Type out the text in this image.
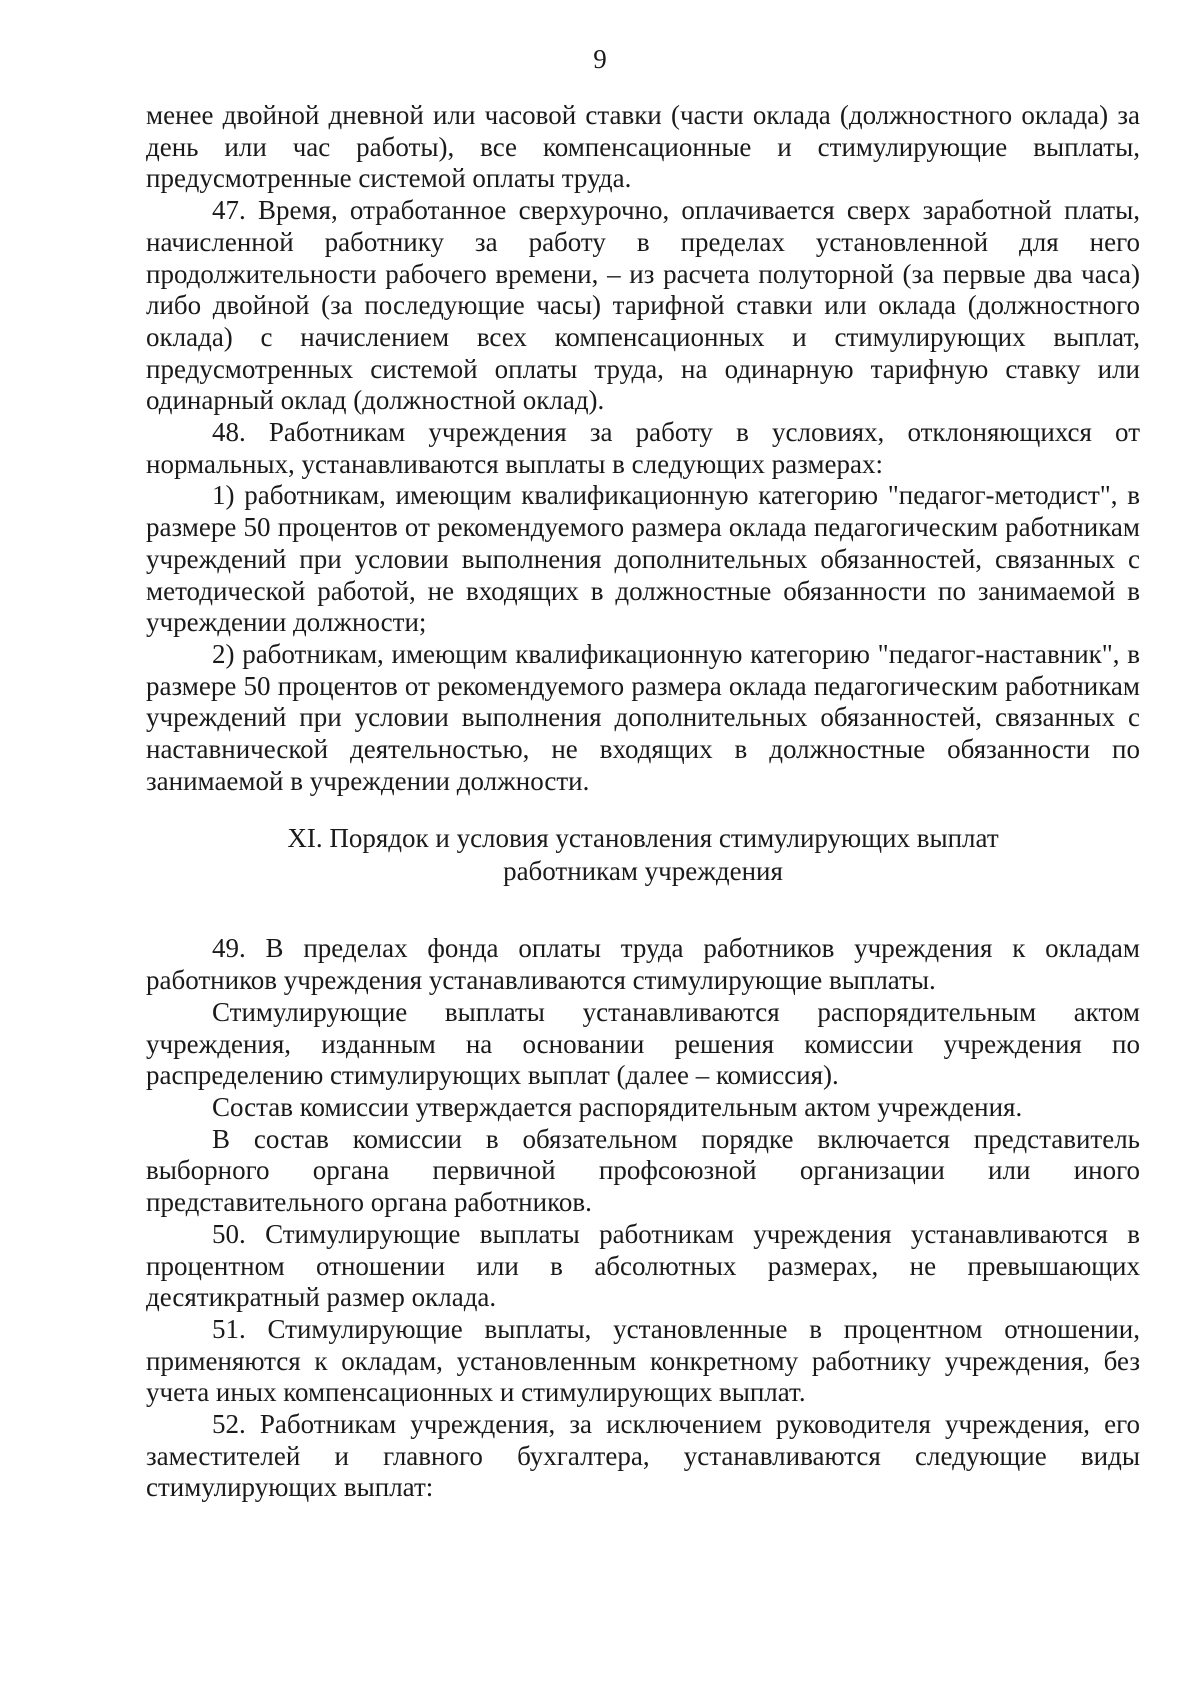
9

менее двойной дневной или часовой ставки (части оклада (должностного оклада) за день или час работы), все компенсационные и стимулирующие выплаты, предусмотренные системой оплаты труда.

47. Время, отработанное сверхурочно, оплачивается сверх заработной платы, начисленной работнику за работу в пределах установленной для него продолжительности рабочего времени, – из расчета полуторной (за первые два часа) либо двойной (за последующие часы) тарифной ставки или оклада (должностного оклада) с начислением всех компенсационных и стимулирующих выплат, предусмотренных системой оплаты труда, на одинарную тарифную ставку или одинарный оклад (должностной оклад).

48. Работникам учреждения за работу в условиях, отклоняющихся от нормальных, устанавливаются выплаты в следующих размерах:

1) работникам, имеющим квалификационную категорию "педагог-методист", в размере 50 процентов от рекомендуемого размера оклада педагогическим работникам учреждений при условии выполнения дополнительных обязанностей, связанных с методической работой, не входящих в должностные обязанности по занимаемой в учреждении должности;

2) работникам, имеющим квалификационную категорию "педагог-наставник", в размере 50 процентов от рекомендуемого размера оклада педагогическим работникам учреждений при условии выполнения дополнительных обязанностей, связанных с наставнической деятельностью, не входящих в должностные обязанности по занимаемой в учреждении должности.

XI. Порядок и условия установления стимулирующих выплат
работникам учреждения

49. В пределах фонда оплаты труда работников учреждения к окладам работников учреждения устанавливаются стимулирующие выплаты.

Стимулирующие выплаты устанавливаются распорядительным актом учреждения, изданным на основании решения комиссии учреждения по распределению стимулирующих выплат (далее – комиссия).

Состав комиссии утверждается распорядительным актом учреждения.

В состав комиссии в обязательном порядке включается представитель выборного органа первичной профсоюзной организации или иного представительного органа работников.

50. Стимулирующие выплаты работникам учреждения устанавливаются в процентном отношении или в абсолютных размерах, не превышающих десятикратный размер оклада.

51. Стимулирующие выплаты, установленные в процентном отношении, применяются к окладам, установленным конкретному работнику учреждения, без учета иных компенсационных и стимулирующих выплат.

52. Работникам учреждения, за исключением руководителя учреждения, его заместителей и главного бухгалтера, устанавливаются следующие виды стимулирующих выплат:
